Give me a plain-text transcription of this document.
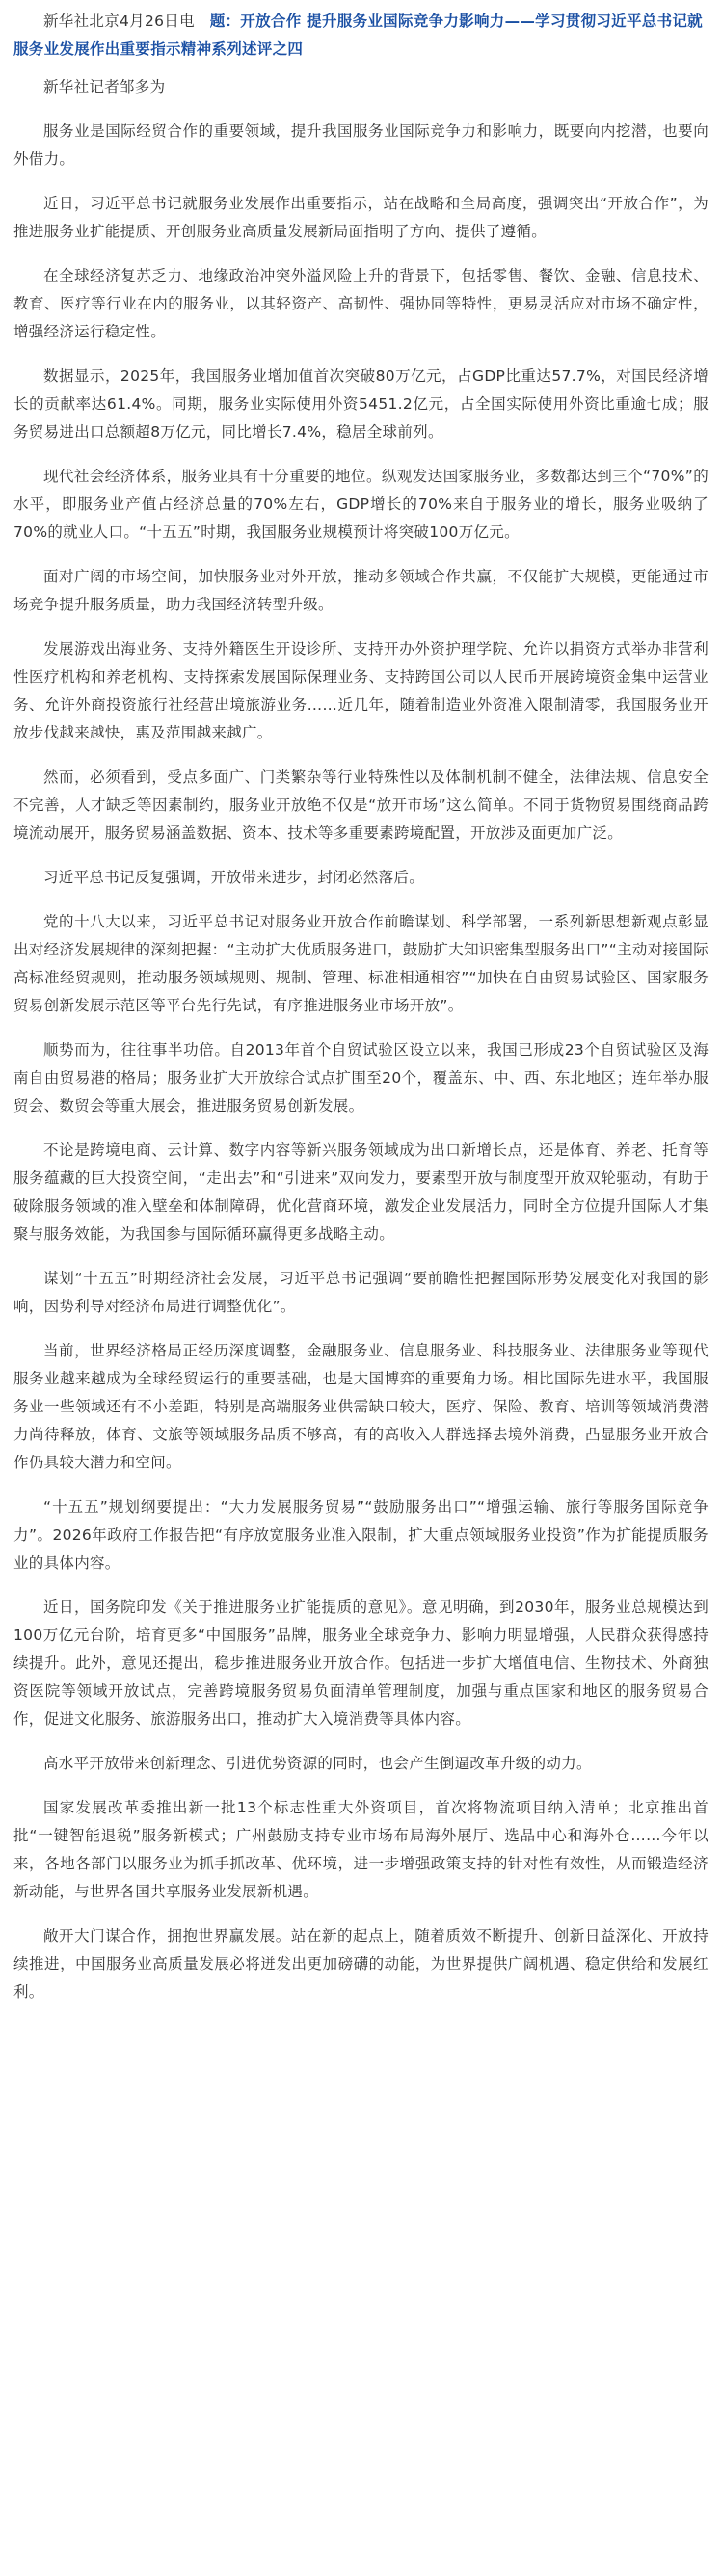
新华社北京4月26日电　题：开放合作 提升服务业国际竞争力影响力——学习贯彻习近平总书记就服务业发展作出重要指示精神系列述评之四

新华社记者邹多为

服务业是国际经贸合作的重要领域，提升我国服务业国际竞争力和影响力，既要向内挖潜，也要向外借力。

近日，习近平总书记就服务业发展作出重要指示，站在战略和全局高度，强调突出“开放合作”，为推进服务业扩能提质、开创服务业高质量发展新局面指明了方向、提供了遵循。

在全球经济复苏乏力、地缘政治冲突外溢风险上升的背景下，包括零售、餐饮、金融、信息技术、教育、医疗等行业在内的服务业，以其轻资产、高韧性、强协同等特性，更易灵活应对市场不确定性，增强经济运行稳定性。

数据显示，2025年，我国服务业增加值首次突破80万亿元，占GDP比重达57.7%，对国民经济增长的贡献率达61.4%。同期，服务业实际使用外资5451.2亿元，占全国实际使用外资比重逾七成；服务贸易进出口总额超8万亿元，同比增长7.4%，稳居全球前列。

现代社会经济体系，服务业具有十分重要的地位。纵观发达国家服务业，多数都达到三个“70%”的水平，即服务业产值占经济总量的70%左右，GDP增长的70%来自于服务业的增长，服务业吸纳了70%的就业人口。“十五五”时期，我国服务业规模预计将突破100万亿元。

面对广阔的市场空间，加快服务业对外开放，推动多领域合作共赢，不仅能扩大规模，更能通过市场竞争提升服务质量，助力我国经济转型升级。

发展游戏出海业务、支持外籍医生开设诊所、支持开办外资护理学院、允许以捐资方式举办非营利性医疗机构和养老机构、支持探索发展国际保理业务、支持跨国公司以人民币开展跨境资金集中运营业务、允许外商投资旅行社经营出境旅游业务……近几年，随着制造业外资准入限制清零，我国服务业开放步伐越来越快，惠及范围越来越广。

然而，必须看到，受点多面广、门类繁杂等行业特殊性以及体制机制不健全，法律法规、信息安全不完善，人才缺乏等因素制约，服务业开放绝不仅是“放开市场”这么简单。不同于货物贸易围绕商品跨境流动展开，服务贸易涵盖数据、资本、技术等多重要素跨境配置，开放涉及面更加广泛。

习近平总书记反复强调，开放带来进步，封闭必然落后。

党的十八大以来，习近平总书记对服务业开放合作前瞻谋划、科学部署，一系列新思想新观点彰显出对经济发展规律的深刻把握：“主动扩大优质服务进口，鼓励扩大知识密集型服务出口”“主动对接国际高标准经贸规则，推动服务领域规则、规制、管理、标准相通相容”“加快在自由贸易试验区、国家服务贸易创新发展示范区等平台先行先试，有序推进服务业市场开放”。

顺势而为，往往事半功倍。自2013年首个自贸试验区设立以来，我国已形成23个自贸试验区及海南自由贸易港的格局；服务业扩大开放综合试点扩围至20个，覆盖东、中、西、东北地区；连年举办服贸会、数贸会等重大展会，推进服务贸易创新发展。

不论是跨境电商、云计算、数字内容等新兴服务领域成为出口新增长点，还是体育、养老、托育等服务蕴藏的巨大投资空间，“走出去”和“引进来”双向发力，要素型开放与制度型开放双轮驱动，有助于破除服务领域的准入壁垒和体制障碍，优化营商环境，激发企业发展活力，同时全方位提升国际人才集聚与服务效能，为我国参与国际循环赢得更多战略主动。

谋划“十五五”时期经济社会发展，习近平总书记强调“要前瞻性把握国际形势发展变化对我国的影响，因势利导对经济布局进行调整优化”。

当前，世界经济格局正经历深度调整，金融服务业、信息服务业、科技服务业、法律服务业等现代服务业越来越成为全球经贸运行的重要基础，也是大国博弈的重要角力场。相比国际先进水平，我国服务业一些领域还有不小差距，特别是高端服务业供需缺口较大，医疗、保险、教育、培训等领域消费潜力尚待释放，体育、文旅等领域服务品质不够高，有的高收入人群选择去境外消费，凸显服务业开放合作仍具较大潜力和空间。

“十五五”规划纲要提出：“大力发展服务贸易”“鼓励服务出口”“增强运输、旅行等服务国际竞争力”。2026年政府工作报告把“有序放宽服务业准入限制，扩大重点领域服务业投资”作为扩能提质服务业的具体内容。

近日，国务院印发《关于推进服务业扩能提质的意见》。意见明确，到2030年，服务业总规模达到100万亿元台阶，培育更多“中国服务”品牌，服务业全球竞争力、影响力明显增强，人民群众获得感持续提升。此外，意见还提出，稳步推进服务业开放合作。包括进一步扩大增值电信、生物技术、外商独资医院等领域开放试点，完善跨境服务贸易负面清单管理制度，加强与重点国家和地区的服务贸易合作，促进文化服务、旅游服务出口，推动扩大入境消费等具体内容。

高水平开放带来创新理念、引进优势资源的同时，也会产生倒逼改革升级的动力。

国家发展改革委推出新一批13个标志性重大外资项目，首次将物流项目纳入清单；北京推出首批“一键智能退税”服务新模式；广州鼓励支持专业市场布局海外展厅、选品中心和海外仓……今年以来，各地各部门以服务业为抓手抓改革、优环境，进一步增强政策支持的针对性有效性，从而锻造经济新动能，与世界各国共享服务业发展新机遇。

敞开大门谋合作，拥抱世界赢发展。站在新的起点上，随着质效不断提升、创新日益深化、开放持续推进，中国服务业高质量发展必将迸发出更加磅礴的动能，为世界提供广阔机遇、稳定供给和发展红利。
